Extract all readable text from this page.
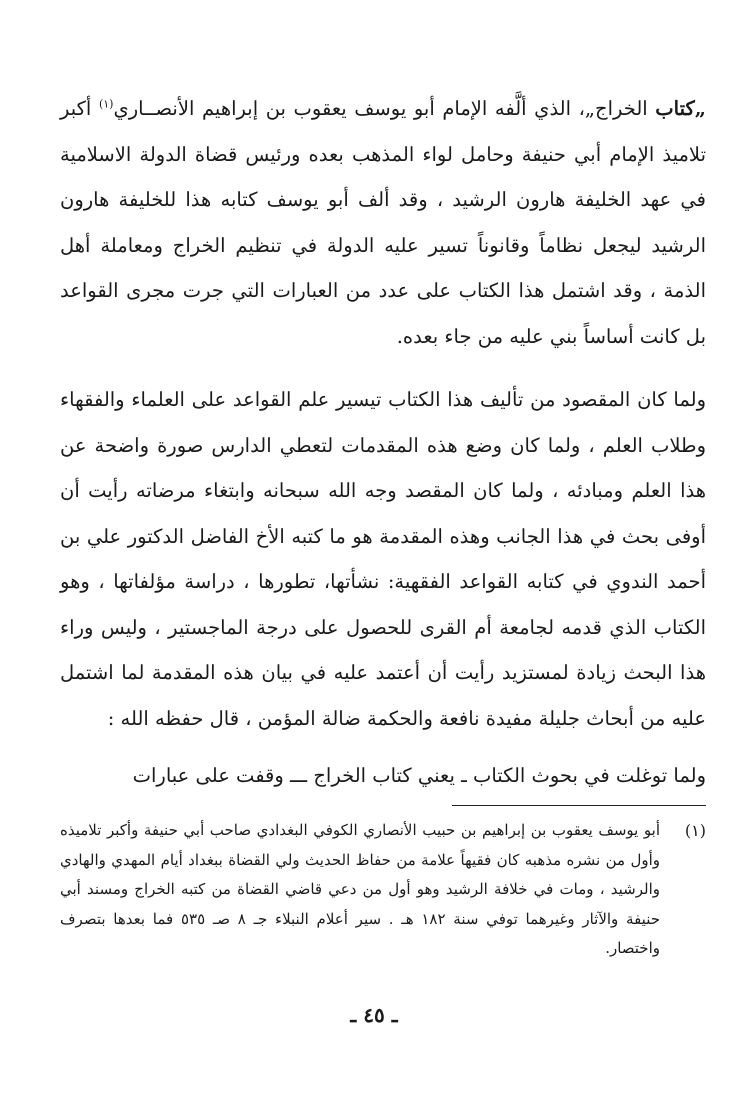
„كتاب الخراج„، الذي ألَّفه الإمام أبو يوسف يعقوب بن إبراهيم الأنصــاري$^{(١)}$ أكبر تلاميذ الإمام أبي حنيفة وحامل لواء المذهب بعده ورئيس قضاة الدولة الاسلامية في عهد الخليفة هارون الرشيد ، وقد ألف أبو يوسف كتابه هذا للخليفة هارون الرشيد ليجعل نظاماً وقانوناً تسير عليه الدولة في تنظيم الخراج ومعاملة أهل الذمة ، وقد اشتمل هذا الكتاب على عدد من العبارات التي جرت مجرى القواعد بل كانت أساساً بني عليه من جاء بعده.

ولما كان المقصود من تأليف هذا الكتاب تيسير علم القواعد على العلماء والفقهاء وطلاب العلم ، ولما كان وضع هذه المقدمات لتعطي الدارس صورة واضحة عن هذا العلم ومبادئه ، ولما كان المقصد وجه الله سبحانه وابتغاء مرضاته رأيت أن أوفى بحث في هذا الجانب وهذه المقدمة هو ما كتبه الأخ الفاضل الدكتور علي بن أحمد الندوي في كتابه القواعد الفقهية: نشأتها، تطورها ، دراسة مؤلفاتها ، وهو الكتاب الذي قدمه لجامعة أم القرى للحصول على درجة الماجستير ، وليس وراء هذا البحث زيادة لمستزيد رأيت أن أعتمد عليه في بيان هذه المقدمة لما اشتمل عليه من أبحاث جليلة مفيدة نافعة والحكمة ضالة المؤمن ، قال حفظه الله :

ولما توغلت في بحوث الكتاب ـ يعني كتاب الخراج ـــ وقفت على عبارات

(١)
أبو يوسف يعقوب بن إبراهيم بن حبيب الأنصاري الكوفي البغدادي صاحب أبي حنيفة وأكبر تلاميذه وأول من نشره مذهبه كان فقيهاً علامة من حفاظ الحديث ولي القضاة ببغداد أيام المهدي والهادي والرشيد ، ومات في خلافة الرشيد وهو أول من دعي قاضي القضاة من كتبه الخراج ومسند أبي حنيفة والآثار وغيرهما توفي سنة ١٨٢ هـ . سير أعلام النبلاء جـ ٨ صـ ٥٣٥ فما بعدها بتصرف واختصار.
ـ ٤٥ ـ
